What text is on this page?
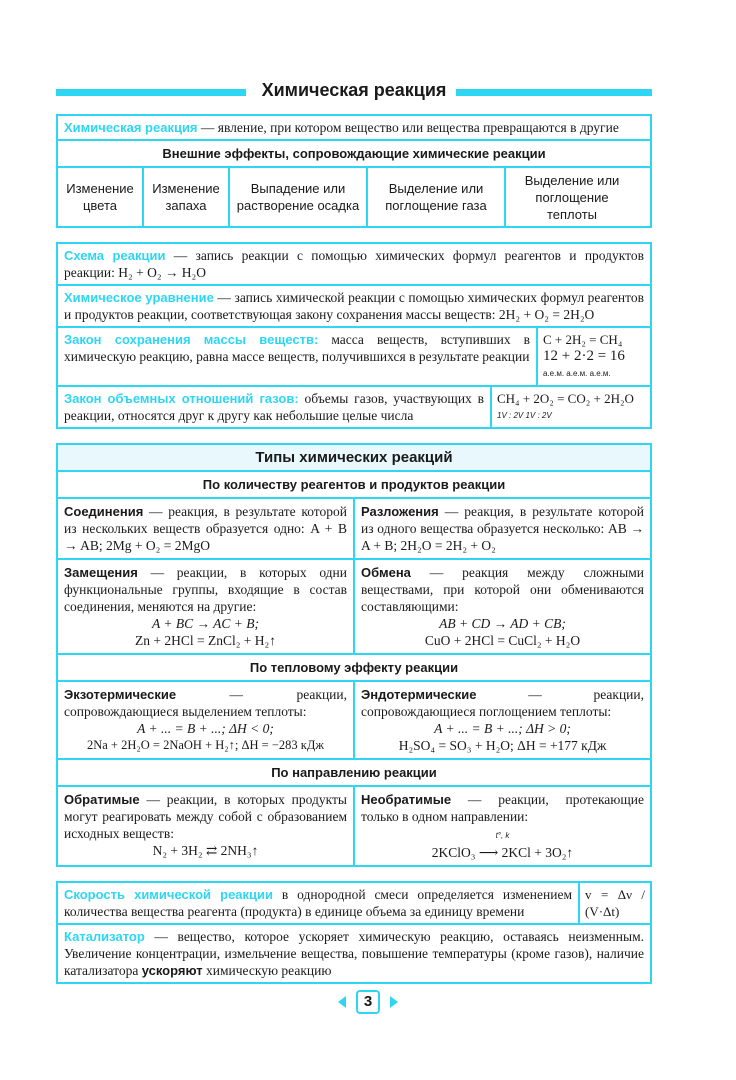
Химическая реакция
Химическая реакция — явление, при котором вещество или вещества превращаются в другие
Внешние эффекты, сопровождающие химические реакции
Изменение цвета
Изменение запаха
Выпадение или растворение осадка
Выделение или поглощение газа
Выделение или поглощение теплоты
Схема реакции — запись реакции с помощью химических формул реагентов и продуктов реакции: H₂ + O₂ → H₂O
Химическое уравнение — запись химической реакции с помощью химических формул реагентов и продуктов реакции, соответствующая закону сохранения массы веществ: 2H₂ + O₂ = 2H₂O
Закон сохранения массы веществ: масса веществ, вступивших в химическую реакцию, равна массе веществ, получившихся в результате реакции
C + 2H₂ = CH₄
12 + 2·2 = 16
а.е.м. а.е.м. а.е.м.
Закон объемных отношений газов: объемы газов, участвующих в реакции, относятся друг к другу как небольшие целые числа
CH₄ + 2O₂ = CO₂ + 2H₂O
1V : 2V 1V : 2V
Типы химических реакций
По количеству реагентов и продуктов реакции
Соединения — реакция, в результате которой из нескольких веществ образуется одно: A + B → AB; 2Mg + O₂ = 2MgO
Разложения — реакция, в результате которой из одного вещества образуется несколько: AB → A + B; 2H₂O = 2H₂ + O₂
Замещения — реакции, в которых одни функциональные группы, входящие в состав соединения, меняются на другие:
A + BC → AC + B;
Zn + 2HCl = ZnCl₂ + H₂↑
Обмена — реакция между сложными веществами, при которой они обмениваются составляющими:
AB + CD → AD + CB;
CuO + 2HCl = CuCl₂ + H₂O
По тепловому эффекту реакции
Экзотермические — реакции, сопровождающиеся выделением теплоты:
A + ... = B + ...; ΔH < 0;
2Na + 2H₂O = 2NaOH + H₂↑; ΔH = −283 кДж
Эндотермические — реакции, сопровождающиеся поглощением теплоты:
A + ... = B + ...; ΔH > 0;
H₂SO₄ = SO₃ + H₂O; ΔH = +177 кДж
По направлению реакции
Обратимые — реакции, в которых продукты могут реагировать между собой с образованием исходных веществ:
N₂ + 3H₂ ⇄ 2NH₃↑
Необратимые — реакции, протекающие только в одном направлении:
t°, k
2KClO₃ ⟶ 2KCl + 3O₂↑
Скорость химической реакции в однородной смеси определяется изменением количества вещества реагента (продукта) в единице объема за единицу времени
v = Δν / (V·Δt)
Катализатор — вещество, которое ускоряет химическую реакцию, оставаясь неизменным. Увеличение концентрации, измельчение вещества, повышение температуры (кроме газов), наличие катализатора ускоряют химическую реакцию
3
